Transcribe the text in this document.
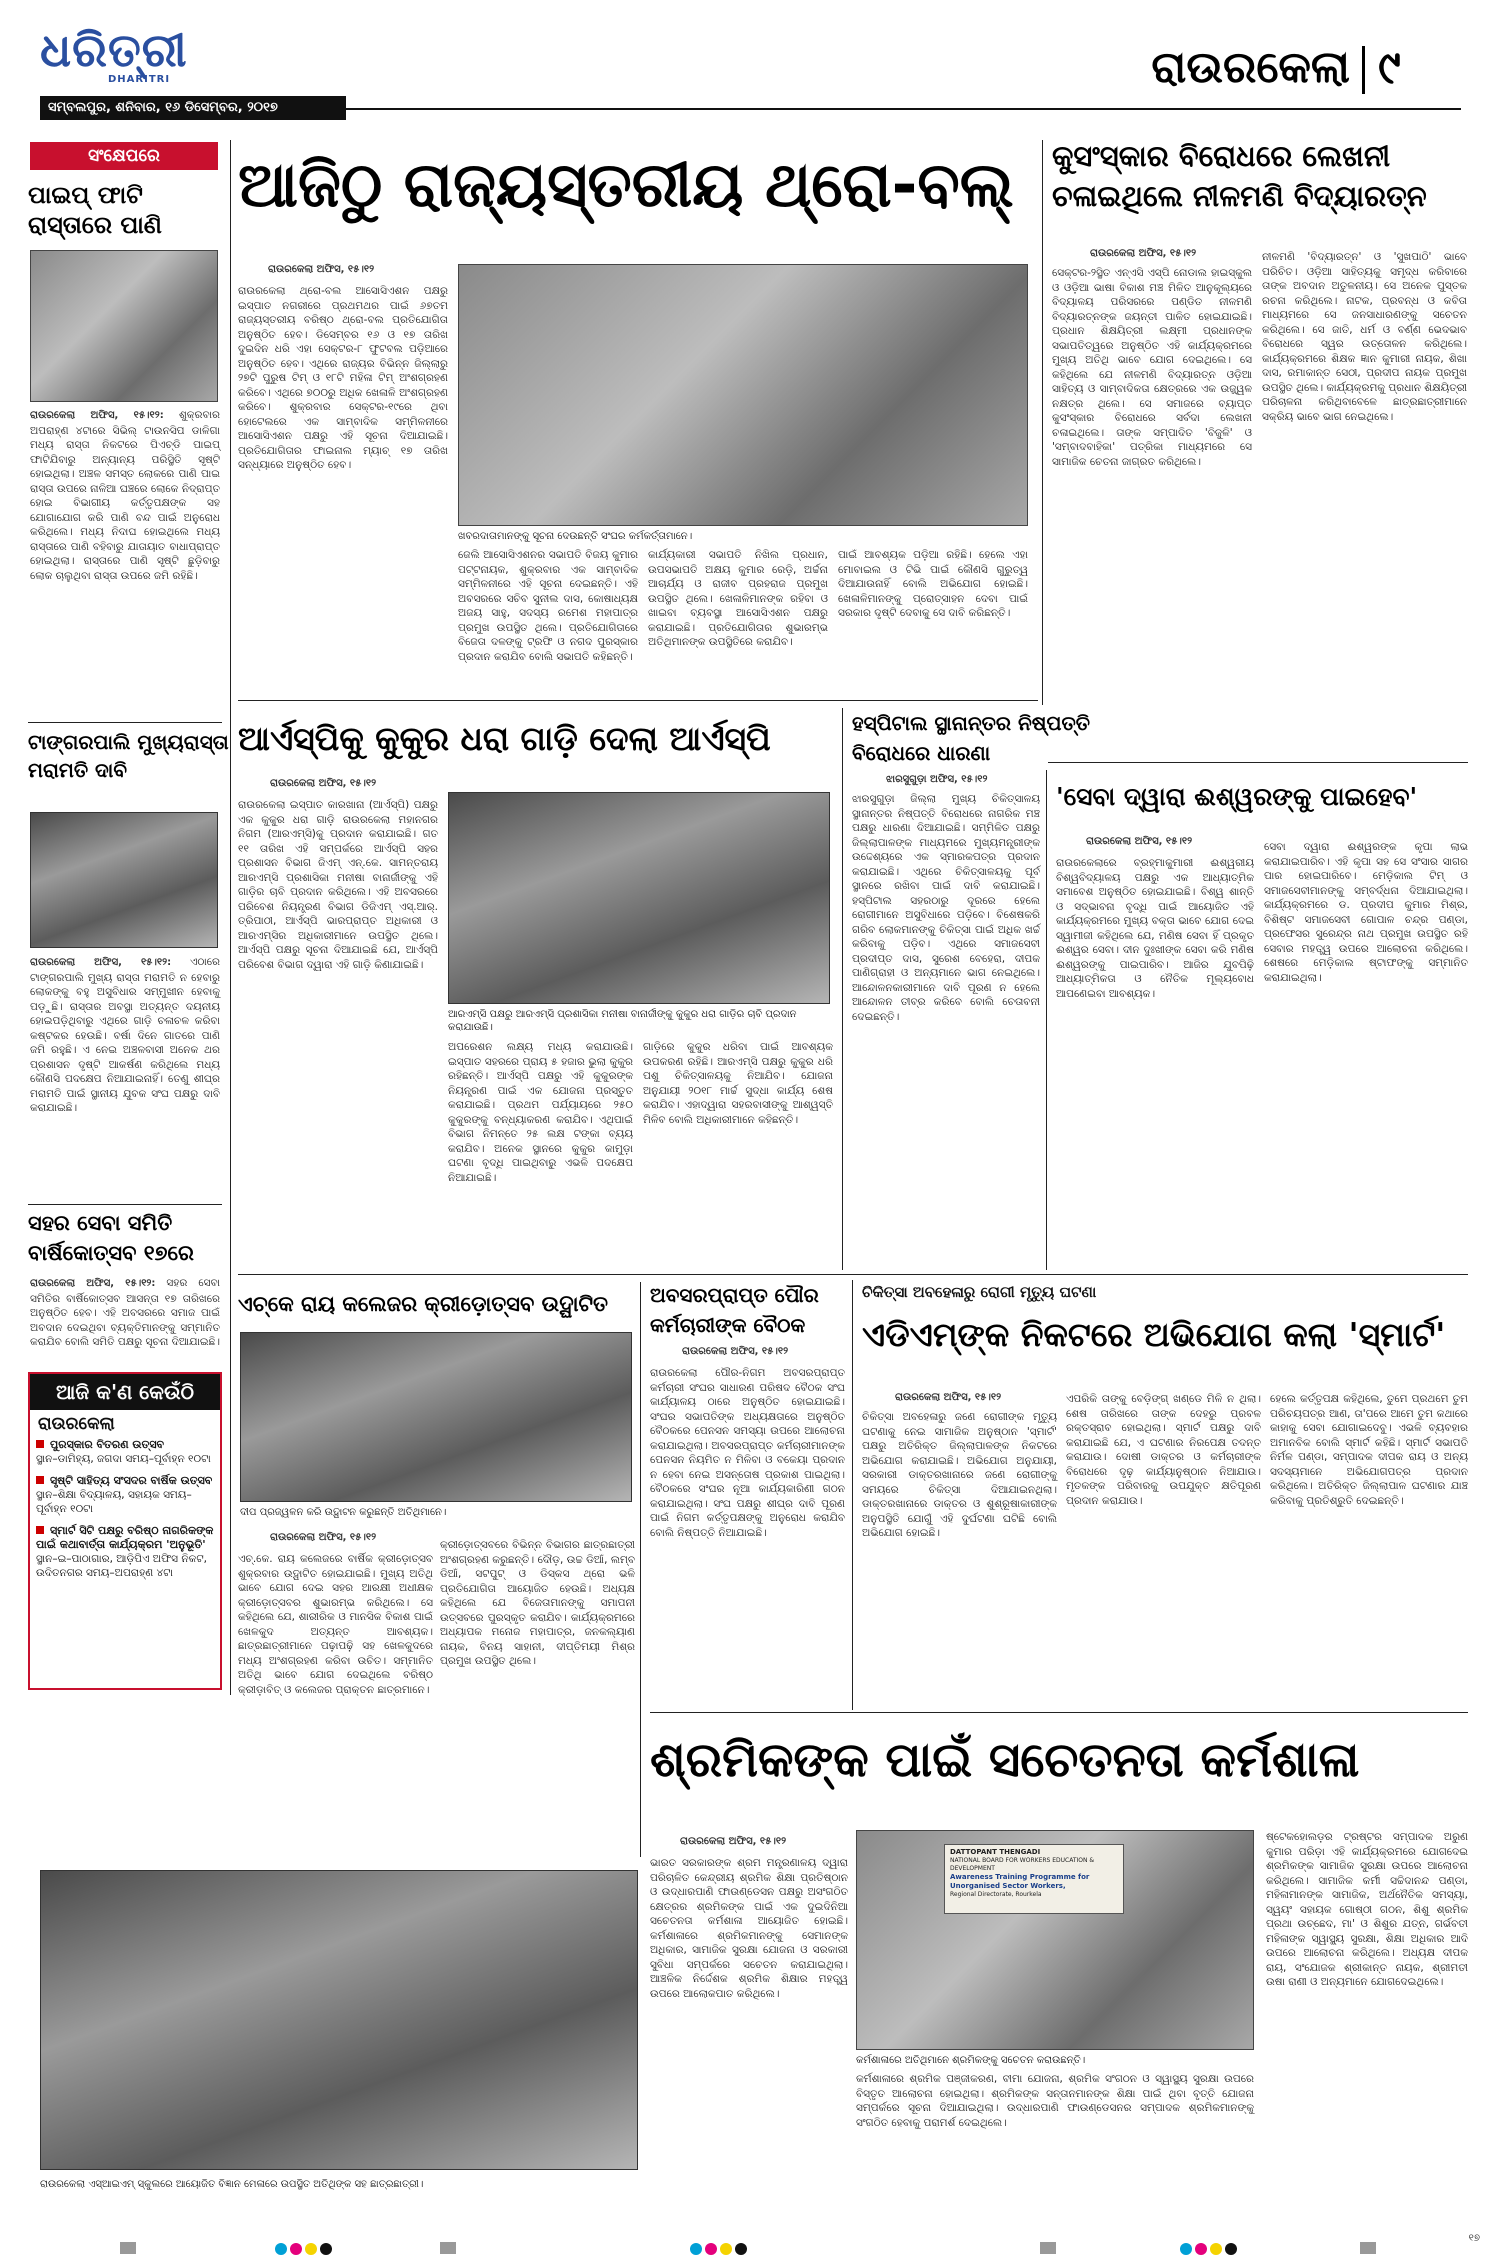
ଧରିତ୍ରୀ
DHARITRI
ସମ୍ବଲପୁର, ଶନିବାର, ୧୬ ଡିସେମ୍ବର, ୨୦୧୭
ରାଉରକେଲା ୯
ସଂକ୍ଷେପରେ
ପାଇପ୍ ଫାଟି
ରାସ୍ତାରେ ପାଣି
ରାଉରକେଲା ଅଫିସ, ୧୫।୧୨: ଶୁକ୍ରବାର ଅପରାହ୍ଣ ୪ଟାରେ ସିଭିଲ୍ ଟାଉନସିପ ଡାଳିଗା ମଧ୍ୟ ରାସ୍ତା ନିକଟରେ ପିଏଚ୍ଡି ପାଇପ୍ ଫାଟିଯିବାରୁ ଅନ୍ୟାନ୍ୟ ପରିସ୍ଥିତି ସୃଷ୍ଟି ହୋଇଥିଲା। ଅଞ୍ଚଳ ସମସ୍ତ ଲୋକରେ ପାଣି ପାଇ ରାସ୍ତା ଉପରେ ନାଳିଆ ଘଞ୍ଚରେ ଲୋକେ ନିଦ୍ରାପ୍ତ ହୋଇ ବିଭାଗୀୟ କର୍ତ୍ତୃପକ୍ଷଙ୍କ ସହ ଯୋଗାଯୋଗ କରି ପାଣି ବନ୍ଦ ପାଇଁ ଅନୁରୋଧ କରିଥିଲେ। ମଧ୍ୟ ନିଦାଘ ହୋଇଥିଲେ ମଧ୍ୟ ରାସ୍ତାରେ ପାଣି ବହିବାରୁ ଯାତାୟାତ ବାଧାପ୍ରାପ୍ତ ହୋଇଥିଲା। ରାସ୍ତାରେ ପାଣି ସୃଷ୍ଟି ଛୁଡ଼ିବାରୁ ଲୋକ ଚାଲୁଥିବା ରାସ୍ତା ଉପରେ ଜମି ରହିଛି।
ଟାଙ୍ଗରପାଲି ମୁଖ୍ୟରାସ୍ତା
ମରାମତି ଦାବି
ରାଉରକେଲା ଅଫିସ, ୧୫।୧୨: ଏଠାରେ ଟାଙ୍ଗରପାଲି ମୁଖ୍ୟ ରାସ୍ତା ମରାମତି ନ ହେବାରୁ ଲୋକଙ୍କୁ ବହୁ ଅସୁବିଧାର ସମ୍ମୁଖୀନ ହେବାକୁ ପଡ଼ୁଛି। ରାସ୍ତାର ଅବସ୍ଥା ଅତ୍ୟନ୍ତ ଦୟନୀୟ ହୋଇପଡ଼ିଥିବାରୁ ଏଥିରେ ଗାଡ଼ି ଚଳାଚଳ କରିବା କଷ୍ଟକର ହେଉଛି। ବର୍ଷା ଦିନେ ଗାତରେ ପାଣି ଜମି ରହୁଛି। ଏ ନେଇ ଅଞ୍ଚଳବାସୀ ଅନେକ ଥର ପ୍ରଶାସନ ଦୃଷ୍ଟି ଆକର୍ଷଣ କରିଥିଲେ ମଧ୍ୟ କୌଣସି ପଦକ୍ଷେପ ନିଆଯାଇନାହିଁ। ତେଣୁ ଶୀଘ୍ର ମରାମତି ପାଇଁ ସ୍ଥାନୀୟ ଯୁବକ ସଂଘ ପକ୍ଷରୁ ଦାବି କରାଯାଇଛି।
ସହର ସେବା ସମିତି
ବାର୍ଷିକୋତ୍ସବ ୧୭ରେ
ରାଉରକେଲା ଅଫିସ, ୧୫।୧୨: ସହର ସେବା ସମିତିର ବାର୍ଷିକୋତ୍ସବ ଆସନ୍ତା ୧୭ ତାରିଖରେ ଅନୁଷ୍ଠିତ ହେବ। ଏହି ଅବସରରେ ସମାଜ ପାଇଁ ଅବଦାନ ଦେଇଥିବା ବ୍ୟକ୍ତିମାନଙ୍କୁ ସମ୍ମାନିତ କରାଯିବ ବୋଲି ସମିତି ପକ୍ଷରୁ ସୂଚନା ଦିଆଯାଇଛି।
ଆଜି କ'ଣ କେଉଁଠି
ରାଉରକେଲା
ପୁରସ୍କାର ବିତରଣ ଉତ୍ସବ
ସ୍ଥାନ–ଡାମିହ୍ୟ, ଜଗଦା ସମୟ–ପୂର୍ବାହ୍ନ ୧୦ଟା
ସୃଷ୍ଟି ସାହିତ୍ୟ ସଂସଦର ବାର୍ଷିକ ଉତ୍ସବ
ସ୍ଥାନ–ଶିକ୍ଷା ବିଦ୍ୟାଳୟ, ସହାୟକ ସମୟ–ପୂର୍ବାହ୍ନ ୧୦ଟା
ସ୍ମାର୍ଟ ସିଟି ପକ୍ଷରୁ ବରିଷ୍ଠ ନାଗରିକଙ୍କ ପାଇଁ କଥାବାର୍ତ୍ତା କାର୍ଯ୍ୟକ୍ରମ 'ଅନୁଭୂତି'
ସ୍ଥାନ–ଇ–ପାଠାଗାର, ଆଡ଼ିପିଏ ଅଫିସ ନିକଟ, ଉଦିତନଗର ସମୟ–ଅପରାହ୍ଣ ୪ଟା
ଆଜିଠୁ ରାଜ୍ୟସ୍ତରୀୟ ଥ୍ରୋ-ବଲ୍
ରାଉରକେଲା ଅଫିସ, ୧୫।୧୨
ରାଉରକେଲା ଥ୍ରୋ-ବଲ ଆସୋସିଏଶନ ପକ୍ଷରୁ ଇସ୍ପାତ ନଗରୀରେ ପ୍ରଥମଥର ପାଇଁ ୬୭ତମ ରାଜ୍ୟସ୍ତରୀୟ ବରିଷ୍ଠ ଥ୍ରୋ-ବଲ ପ୍ରତିଯୋଗିତା ଅନୁଷ୍ଠିତ ହେବ। ଡିସେମ୍ବର ୧୬ ଓ ୧୭ ତାରିଖ ଦୁଇଦିନ ଧରି ଏହା ସେକ୍ଟର-୮ ଫୁଟବଲ ପଡ଼ିଆରେ ଅନୁଷ୍ଠିତ ହେବ। ଏଥିରେ ରାଜ୍ୟର ବିଭିନ୍ନ ଜିଲ୍ଲାରୁ ୨୭ଟି ପୁରୁଷ ଟିମ୍ ଓ ୧୮ଟି ମହିଳା ଟିମ୍ ଅଂଶଗ୍ରହଣ କରିବେ। ଏଥିରେ ୭୦୦ରୁ ଅଧିକ ଖେଳାଳି ଅଂଶଗ୍ରହଣ କରିବେ। ଶୁକ୍ରବାର ସେକ୍ଟର-୧୯ରେ ଥିବା ହୋଟେଲରେ ଏକ ସାମ୍ବାଦିକ ସମ୍ମିଳନୀରେ ଆସୋସିଏଶନ ପକ୍ଷରୁ ଏହି ସୂଚନା ଦିଆଯାଇଛି। ପ୍ରତିଯୋଗିତାର ଫାଇନାଲ ମ୍ୟାଚ୍ ୧୭ ତାରିଖ ସନ୍ଧ୍ୟାରେ ଅନୁଷ୍ଠିତ ହେବ।
ଖବରଦାତାମାନଙ୍କୁ ସୂଚନା ଦେଉଛନ୍ତି ସଂଘର କର୍ମକର୍ତ୍ତାମାନେ।
ଜେଲି ଆସୋସିଏଶନର ସଭାପତି ବିଜୟ କୁମାର ପଟ୍ଟନାୟକ, ଶୁକ୍ରବାର ଏକ ସାମ୍ବାଦିକ ସମ୍ମିଳନୀରେ ଏହି ସୂଚନା ଦେଇଛନ୍ତି। ଏହି ଅବସରରେ ସଚିବ ସୁନୀଲ ଦାସ, କୋଷାଧ୍ୟକ୍ଷ ଅଜୟ ସାହୁ, ସଦସ୍ୟ ରମେଶ ମହାପାତ୍ର ପ୍ରମୁଖ ଉପସ୍ଥିତ ଥିଲେ। ପ୍ରତିଯୋଗିତାରେ ବିଜେତା ଦଳଙ୍କୁ ଟ୍ରଫି ଓ ନଗଦ ପୁରସ୍କାର ପ୍ରଦାନ କରାଯିବ ବୋଲି ସଭାପତି କହିଛନ୍ତି।
କାର୍ଯ୍ୟକାରୀ ସଭାପତି ନିଖିଲ ପ୍ରଧାନ, ଉପସଭାପତି ଅକ୍ଷୟ କୁମାର ରେଡ଼ି, ଅର୍ଚ୍ଚନା ଆଚାର୍ଯ୍ୟ ଓ ରାଜୀବ ପ୍ରହରାଜ ପ୍ରମୁଖ ଉପସ୍ଥିତ ଥିଲେ। ଖେଳାଳିମାନଙ୍କ ରହିବା ଓ ଖାଇବା ବ୍ୟବସ୍ଥା ଆସୋସିଏଶନ ପକ୍ଷରୁ କରାଯାଇଛି। ପ୍ରତିଯୋଗିତାର ଶୁଭାରମ୍ଭ ଅତିଥିମାନଙ୍କ ଉପସ୍ଥିତିରେ କରାଯିବ।
ପାଇଁ ଆବଶ୍ୟକ ପଡ଼ିଆ ରହିଛି। ହେଲେ ଏହା ମୋବାଇଲ ଓ ଟିଭି ପାଇଁ କୌଣସି ଗୁରୁତ୍ୱ ଦିଆଯାଉନାହିଁ ବୋଲି ଅଭିଯୋଗ ହୋଇଛି। ଖେଳାଳିମାନଙ୍କୁ ପ୍ରୋତ୍ସାହନ ଦେବା ପାଇଁ ସରକାର ଦୃଷ୍ଟି ଦେବାକୁ ସେ ଦାବି କରିଛନ୍ତି।
କୁସଂସ୍କାର ବିରୋଧରେ ଲେଖନୀ
ଚଳାଇଥିଲେ ନୀଳମଣି ବିଦ୍ୟାରତ୍ନ
ରାଉରକେଲା ଅଫିସ, ୧୫।୧୨
ସେକ୍ଟର-୨ସ୍ଥିତ ଏନ୍ଏସି ଏସ୍ପି ନୋଡାଲ ହାଇସ୍କୁଲ ଓ ଓଡ଼ିଆ ଭାଷା ବିକାଶ ମଞ୍ଚ ମିଳିତ ଆନୁକୂଲ୍ୟରେ ବିଦ୍ୟାଳୟ ପରିସରରେ ପଣ୍ଡିତ ନୀଳମଣି ବିଦ୍ୟାରତ୍ନଙ୍କ ଜୟନ୍ତୀ ପାଳିତ ହୋଇଯାଇଛି। ପ୍ରଧାନ ଶିକ୍ଷୟିତ୍ରୀ ଲକ୍ଷ୍ମୀ ପ୍ରଧାନଙ୍କ ସଭାପତିତ୍ୱରେ ଅନୁଷ୍ଠିତ ଏହି କାର୍ଯ୍ୟକ୍ରମରେ ମୁଖ୍ୟ ଅତିଥି ଭାବେ ଯୋଗ ଦେଇଥିଲେ। ସେ କହିଥିଲେ ଯେ ନୀଳମଣି ବିଦ୍ୟାରତ୍ନ ଓଡ଼ିଆ ସାହିତ୍ୟ ଓ ସାମ୍ବାଦିକତା କ୍ଷେତ୍ରରେ ଏକ ଉଜ୍ଜ୍ୱଳ ନକ୍ଷତ୍ର ଥିଲେ। ସେ ସମାଜରେ ବ୍ୟାପ୍ତ କୁସଂସ୍କାର ବିରୋଧରେ ସର୍ବଦା ଲେଖନୀ ଚଳାଇଥିଲେ। ତାଙ୍କ ସମ୍ପାଦିତ 'ବିଜୁଳି' ଓ 'ସମ୍ବାଦବାହିକା' ପତ୍ରିକା ମାଧ୍ୟମରେ ସେ ସାମାଜିକ ଚେତନା ଜାଗ୍ରତ କରିଥିଲେ।
ନୀଳମଣି 'ବିଦ୍ୟାରତ୍ନ' ଓ 'ସୁଖପାଠି' ଭାବେ ପରିଚିତ। ଓଡ଼ିଆ ସାହିତ୍ୟକୁ ସମୃଦ୍ଧ କରିବାରେ ତାଙ୍କ ଅବଦାନ ଅତୁଳନୀୟ। ସେ ଅନେକ ପୁସ୍ତକ ରଚନା କରିଥିଲେ। ନାଟକ, ପ୍ରବନ୍ଧ ଓ କବିତା ମାଧ୍ୟମରେ ସେ ଜନସାଧାରଣଙ୍କୁ ସଚେତନ କରିଥିଲେ। ସେ ଜାତି, ଧର୍ମ ଓ ବର୍ଣ୍ଣ ଭେଦଭାବ ବିରୋଧରେ ସ୍ୱର ଉତ୍ତୋଳନ କରିଥିଲେ। କାର୍ଯ୍ୟକ୍ରମରେ ଶିକ୍ଷକ ଜ୍ଞାନ କୁମାରୀ ନାୟକ, ଶିଖା ଦାସ, ରମାକାନ୍ତ ସେଠୀ, ପ୍ରଦୀପ ନାୟକ ପ୍ରମୁଖ ଉପସ୍ଥିତ ଥିଲେ। କାର୍ଯ୍ୟକ୍ରମକୁ ପ୍ରଧାନ ଶିକ୍ଷୟିତ୍ରୀ ପରିଚାଳନା କରିଥିବାବେଳେ ଛାତ୍ରଛାତ୍ରୀମାନେ ସକ୍ରିୟ ଭାବେ ଭାଗ ନେଇଥିଲେ।
ଆର୍ଏସ୍ପିକୁ କୁକୁର ଧରା ଗାଡ଼ି ଦେଲା ଆର୍ଏସ୍ପି
ରାଉରକେଲା ଅଫିସ, ୧୫।୧୨
ରାଉରକେଲା ଇସ୍ପାତ କାରଖାନା (ଆର୍ଏସ୍ପି) ପକ୍ଷରୁ ଏକ କୁକୁର ଧରା ଗାଡ଼ି ରାଉରକେଲା ମହାନଗର ନିଗମ (ଆରଏମ୍ସି)କୁ ପ୍ରଦାନ କରାଯାଇଛି। ଗତ ୧୧ ତାରିଖ ଏହି ସମ୍ପର୍କରେ ଆର୍ଏସ୍ପି ସହର ପ୍ରଶାସନ ବିଭାଗ ଜିଏମ୍ ଏନ୍.କେ. ସାମନ୍ତରାୟ ଆରଏମ୍ସି ପ୍ରଶାସିକା ମନୀଷା ବାନାର୍ଜୀଙ୍କୁ ଏହି ଗାଡ଼ିର ଚାବି ପ୍ରଦାନ କରିଥିଲେ। ଏହି ଅବସରରେ ପରିବେଶ ନିୟନ୍ତ୍ରଣ ବିଭାଗ ଡିଜିଏମ୍ ଏସ୍.ଆର୍. ତ୍ରିପାଠୀ, ଆର୍ଏସ୍ପି ଭାରପ୍ରାପ୍ତ ଅଧିକାରୀ ଓ ଆରଏମ୍ସିର ଅଧିକାରୀମାନେ ଉପସ୍ଥିତ ଥିଲେ। ଆର୍ଏସ୍ପି ପକ୍ଷରୁ ସୂଚନା ଦିଆଯାଇଛି ଯେ, ଆର୍ଏସ୍ପି ପରିବେଶ ବିଭାଗ ଦ୍ୱାରା ଏହି ଗାଡ଼ି କିଣାଯାଇଛି।
ଆରଏମ୍ସି ପକ୍ଷରୁ ଆରଏମ୍ସି ପ୍ରଶାସିକା ମନୀଷା ବାନାର୍ଜୀଙ୍କୁ କୁକୁର ଧରା ଗାଡ଼ିର ଚାବି ପ୍ରଦାନ କରାଯାଉଛି।
ଅପରେଶନ ଲକ୍ଷ୍ୟ ମଧ୍ୟ କରାଯାଉଛି। ଇସ୍ପାତ ସହରରେ ପ୍ରାୟ ୫ ହଜାର ଭୁଲା କୁକୁର ରହିଛନ୍ତି। ଆର୍ଏସ୍ପି ପକ୍ଷରୁ ଏହି କୁକୁରଙ୍କ ନିୟନ୍ତ୍ରଣ ପାଇଁ ଏକ ଯୋଜନା ପ୍ରସ୍ତୁତ କରାଯାଇଛି। ପ୍ରଥମ ପର୍ଯ୍ୟାୟରେ ୨୫୦ କୁକୁରଙ୍କୁ ବନ୍ଧ୍ୟାକରଣ କରାଯିବ। ଏଥିପାଇଁ ବିଭାଗ ନିମନ୍ତେ ୨୫ ଲକ୍ଷ ଟଙ୍କା ବ୍ୟୟ କରାଯିବ। ଅନେକ ସ୍ଥାନରେ କୁକୁର କାମୁଡ଼ା ଘଟଣା ବୃଦ୍ଧି ପାଇଥିବାରୁ ଏଭଳି ପଦକ୍ଷେପ ନିଆଯାଇଛି।
ଗାଡ଼ିରେ କୁକୁର ଧରିବା ପାଇଁ ଆବଶ୍ୟକ ଉପକରଣ ରହିଛି। ଆରଏମ୍ସି ପକ୍ଷରୁ କୁକୁର ଧରି ପଶୁ ଚିକିତ୍ସାଳୟକୁ ନିଆଯିବ। ଯୋଜନା ଅନୁଯାୟୀ ୨୦୧୮ ମାର୍ଚ୍ଚ ସୁଦ୍ଧା କାର୍ଯ୍ୟ ଶେଷ କରାଯିବ। ଏହାଦ୍ୱାରା ସହରବାସୀଙ୍କୁ ଆଶ୍ୱସ୍ତି ମିଳିବ ବୋଲି ଅଧିକାରୀମାନେ କହିଛନ୍ତି।
ହସ୍ପିଟାଲ ସ୍ଥାନାନ୍ତର ନିଷ୍ପତ୍ତି
ବିରୋଧରେ ଧାରଣା
ଝାରସୁଗୁଡ଼ା ଅଫିସ, ୧୫।୧୨
ଝାରସୁଗୁଡ଼ା ଜିଲ୍ଲା ମୁଖ୍ୟ ଚିକିତ୍ସାଳୟ ସ୍ଥାନାନ୍ତର ନିଷ୍ପତ୍ତି ବିରୋଧରେ ନାଗରିକ ମଞ୍ଚ ପକ୍ଷରୁ ଧାରଣା ଦିଆଯାଇଛି। ସମ୍ମିଳିତ ପକ୍ଷରୁ ଜିଲ୍ଲାପାଳଙ୍କ ମାଧ୍ୟମରେ ମୁଖ୍ୟମନ୍ତ୍ରୀଙ୍କ ଉଦ୍ଦେଶ୍ୟରେ ଏକ ସ୍ମାରକପତ୍ର ପ୍ରଦାନ କରାଯାଇଛି। ଏଥିରେ ଚିକିତ୍ସାଳୟକୁ ପୂର୍ବ ସ୍ଥାନରେ ରଖିବା ପାଇଁ ଦାବି କରାଯାଇଛି। ହସ୍ପିଟାଲ ସହରଠାରୁ ଦୂରରେ ହେଲେ ରୋଗୀମାନେ ଅସୁବିଧାରେ ପଡ଼ିବେ। ବିଶେଷକରି ଗରିବ ଲୋକମାନଙ୍କୁ ଚିକିତ୍ସା ପାଇଁ ଅଧିକ ଖର୍ଚ୍ଚ କରିବାକୁ ପଡ଼ିବ। ଏଥିରେ ସମାଜସେବୀ ପ୍ରଦୀପ୍ତ ଦାସ, ସୁରେଶ ବେହେରା, ଦୀପକ ପାଣିଗ୍ରାହୀ ଓ ଅନ୍ୟମାନେ ଭାଗ ନେଇଥିଲେ। ଆନ୍ଦୋଳନକାରୀମାନେ ଦାବି ପୂରଣ ନ ହେଲେ ଆନ୍ଦୋଳନ ତୀବ୍ର କରିବେ ବୋଲି ଚେତାବନୀ ଦେଇଛନ୍ତି।
'ସେବା ଦ୍ୱାରା ଈଶ୍ୱରଙ୍କୁ ପାଇହେବ'
ରାଉରକେଲା ଅଫିସ, ୧୫।୧୨
ରାଉରକେଲାରେ ବ୍ରହ୍ମାକୁମାରୀ ଈଶ୍ୱରୀୟ ବିଶ୍ୱବିଦ୍ୟାଳୟ ପକ୍ଷରୁ ଏକ ଆଧ୍ୟାତ୍ମିକ ସମାବେଶ ଅନୁଷ୍ଠିତ ହୋଇଯାଇଛି। ବିଶ୍ୱ ଶାନ୍ତି ଓ ସଦ୍ଭାବନା ବୃଦ୍ଧି ପାଇଁ ଆୟୋଜିତ ଏହି କାର୍ଯ୍ୟକ୍ରମରେ ମୁଖ୍ୟ ବକ୍ତା ଭାବେ ଯୋଗ ଦେଇ ସ୍ୱାମୀଜୀ କହିଥିଲେ ଯେ, ମଣିଷ ସେବା ହିଁ ପ୍ରକୃତ ଈଶ୍ୱର ସେବା। ଦୀନ ଦୁଃଖୀଙ୍କ ସେବା କରି ମଣିଷ ଈଶ୍ୱରଙ୍କୁ ପାଇପାରିବ। ଆଜିର ଯୁବପିଢ଼ି ଆଧ୍ୟାତ୍ମିକତା ଓ ନୈତିକ ମୂଲ୍ୟବୋଧ ଆପଣେଇବା ଆବଶ୍ୟକ।
ସେବା ଦ୍ୱାରା ଈଶ୍ୱରଙ୍କ କୃପା ଲାଭ କରାଯାଇପାରିବ। ଏହି କୃପା ସହ ସେ ସଂସାର ସାଗର ପାର ହୋଇପାରିବେ। ମେଡ଼ିକାଲ ଟିମ୍ ଓ ସମାଜସେବୀମାନଙ୍କୁ ସମ୍ବର୍ଦ୍ଧନା ଦିଆଯାଇଥିଲା। କାର୍ଯ୍ୟକ୍ରମରେ ଡ. ପ୍ରଦୀପ କୁମାର ମିଶ୍ର, ବିଶିଷ୍ଟ ସମାଜସେବୀ ଗୋପାଳ ଚନ୍ଦ୍ର ପଣ୍ଡା, ପ୍ରଫେସର ସୁରେନ୍ଦ୍ର ନାଥ ପ୍ରମୁଖ ଉପସ୍ଥିତ ରହି ସେବାର ମହତ୍ତ୍ୱ ଉପରେ ଆଲୋଚନା କରିଥିଲେ। ଶେଷରେ ମେଡ଼ିକାଲ ଷ୍ଟାଫଙ୍କୁ ସମ୍ମାନିତ କରାଯାଇଥିଲା।
ଏଚ୍କେ ରାୟ କଲେଜର କ୍ରୀଡ଼ୋତ୍ସବ ଉଦ୍ଘାଟିତ
ଦୀପ ପ୍ରଜ୍ୱଳନ କରି ଉଦ୍ଘାଟନ କରୁଛନ୍ତି ଅତିଥିମାନେ।
ରାଉରକେଲା ଅଫିସ, ୧୫।୧୨
ଏଚ୍.କେ. ରାୟ କଲେଜରେ ବାର୍ଷିକ କ୍ରୀଡ଼ୋତ୍ସବ ଶୁକ୍ରବାର ଉଦ୍ଘାଟିତ ହୋଇଯାଇଛି। ମୁଖ୍ୟ ଅତିଥି ଭାବେ ଯୋଗ ଦେଇ ସହର ଆରକ୍ଷୀ ଅଧୀକ୍ଷକ କ୍ରୀଡ଼ୋତ୍ସବର ଶୁଭାରମ୍ଭ କରିଥିଲେ। ସେ କହିଥିଲେ ଯେ, ଶାରୀରିକ ଓ ମାନସିକ ବିକାଶ ପାଇଁ ଖେଳକୁଦ ଅତ୍ୟନ୍ତ ଆବଶ୍ୟକ। ଛାତ୍ରଛାତ୍ରୀମାନେ ପଢ଼ାପଢ଼ି ସହ ଖେଳକୁଦରେ ମଧ୍ୟ ଅଂଶଗ୍ରହଣ କରିବା ଉଚିତ। ସମ୍ମାନିତ ଅତିଥି ଭାବେ ଯୋଗ ଦେଇଥିଲେ ବରିଷ୍ଠ କ୍ରୀଡ଼ାବିତ୍ ଓ କଲେଜର ପ୍ରାକ୍ତନ ଛାତ୍ରମାନେ।
କ୍ରୀଡ଼ୋତ୍ସବରେ ବିଭିନ୍ନ ବିଭାଗର ଛାତ୍ରଛାତ୍ରୀ ଅଂଶଗ୍ରହଣ କରୁଛନ୍ତି। ଦୌଡ଼, ଉଚ୍ଚ ଡିଆଁ, ଲମ୍ବ ଡିଆଁ, ସଟପୁଟ୍ ଓ ଡିସ୍କସ ଥ୍ରୋ ଭଳି ପ୍ରତିଯୋଗିତା ଆୟୋଜିତ ହେଉଛି। ଅଧ୍ୟକ୍ଷ କହିଥିଲେ ଯେ ବିଜେତାମାନଙ୍କୁ ସମାପନୀ ଉତ୍ସବରେ ପୁରସ୍କୃତ କରାଯିବ। କାର୍ଯ୍ୟକ୍ରମରେ ଅଧ୍ୟାପକ ମନୋଜ ମହାପାତ୍ର, ଜନକଲ୍ୟାଣ ନାୟକ, ବିନୟ ସାହାନୀ, ଦୀପ୍ତିମୟୀ ମିଶ୍ର ପ୍ରମୁଖ ଉପସ୍ଥିତ ଥିଲେ।
ଅବସରପ୍ରାପ୍ତ ପୌର
କର୍ମଚାରୀଙ୍କ ବୈଠକ
ରାଉରକେଲା ଅଫିସ, ୧୫।୧୨
ରାଉରକେଲା ପୌର-ନିଗମ ଅବସରପ୍ରାପ୍ତ କର୍ମଚାରୀ ସଂଘର ସାଧାରଣ ପରିଷଦ ବୈଠକ ସଂଘ କାର୍ଯ୍ୟାଳୟ ଠାରେ ଅନୁଷ୍ଠିତ ହୋଇଯାଇଛି। ସଂଘର ସଭାପତିଙ୍କ ଅଧ୍ୟକ୍ଷତାରେ ଅନୁଷ୍ଠିତ ବୈଠକରେ ପେନସନ ସମସ୍ୟା ଉପରେ ଆଲୋଚନା କରାଯାଇଥିଲା। ଅବସରପ୍ରାପ୍ତ କର୍ମଚାରୀମାନଙ୍କ ପେନସନ ନିୟମିତ ନ ମିଳିବା ଓ ବକେୟା ପ୍ରଦାନ ନ ହେବା ନେଇ ଅସନ୍ତୋଷ ପ୍ରକାଶ ପାଇଥିଲା। ବୈଠକରେ ସଂଘର ନୂଆ କାର୍ଯ୍ୟକାରିଣୀ ଗଠନ କରାଯାଇଥିଲା। ସଂଘ ପକ୍ଷରୁ ଶୀଘ୍ର ଦାବି ପୂରଣ ପାଇଁ ନିଗମ କର୍ତ୍ତୃପକ୍ଷଙ୍କୁ ଅନୁରୋଧ କରାଯିବ ବୋଲି ନିଷ୍ପତ୍ତି ନିଆଯାଇଛି।
ଚିକିତ୍ସା ଅବହେଳାରୁ ରୋଗୀ ମୃତ୍ୟୁ ଘଟଣା
ଏଡିଏମ୍ଙ୍କ ନିକଟରେ ଅଭିଯୋଗ କଲା 'ସ୍ମାର୍ଟ'
ରାଉରକେଲା ଅଫିସ, ୧୫।୧୨
ଚିକିତ୍ସା ଅବହେଳାରୁ ଜଣେ ରୋଗୀଙ୍କ ମୃତ୍ୟୁ ଘଟଣାକୁ ନେଇ ସାମାଜିକ ଅନୁଷ୍ଠାନ 'ସ୍ମାର୍ଟ' ପକ୍ଷରୁ ଅତିରିକ୍ତ ଜିଲ୍ଲାପାଳଙ୍କ ନିକଟରେ ଅଭିଯୋଗ କରାଯାଇଛି। ଅଭିଯୋଗ ଅନୁଯାୟୀ, ସରକାରୀ ଡାକ୍ତରଖାନାରେ ଜଣେ ରୋଗୀଙ୍କୁ ସମୟରେ ଚିକିତ୍ସା ଦିଆଯାଇନଥିଲା। ଡାକ୍ତରଖାନାରେ ଡାକ୍ତର ଓ ଶୁଶ୍ରୂଷାକାରୀଙ୍କ ଅନୁପସ୍ଥିତି ଯୋଗୁଁ ଏହି ଦୁର୍ଘଟଣା ଘଟିଛି ବୋଲି ଅଭିଯୋଗ ହୋଇଛି।
ଏପରିକି ତାଙ୍କୁ ବେଡ଼ିଙ୍ଗ୍ ଖଣ୍ଡେ ମିଳି ନ ଥିଲା। ଶେଷ ତାରିଖରେ ତାଙ୍କ ଦେହରୁ ପ୍ରବଳ ରକ୍ତସ୍ରାବ ହୋଇଥିଲା। ସ୍ମାର୍ଟ ପକ୍ଷରୁ ଦାବି କରାଯାଇଛି ଯେ, ଏ ଘଟଣାର ନିରପେକ୍ଷ ତଦନ୍ତ କରାଯାଉ। ଦୋଷୀ ଡାକ୍ତର ଓ କର୍ମଚାରୀଙ୍କ ବିରୋଧରେ ଦୃଢ଼ କାର୍ଯ୍ୟାନୁଷ୍ଠାନ ନିଆଯାଉ। ମୃତକଙ୍କ ପରିବାରକୁ ଉପଯୁକ୍ତ କ୍ଷତିପୂରଣ ପ୍ରଦାନ କରାଯାଉ।
ହେଲେ କର୍ତ୍ତୃପକ୍ଷ କହିଥିଲେ, ତୁମେ ପ୍ରଥମେ ତୁମ ପରିଚୟପତ୍ର ଆଣ, ତା'ପରେ ଆମେ ତୁମ କଥାରେ କାହାକୁ ସେବା ଯୋଗାଇଦେବୁ। ଏଭଳି ବ୍ୟବହାର ଅମାନବିକ ବୋଲି ସ୍ମାର୍ଟ କହିଛି। ସ୍ମାର୍ଟ ସଭାପତି ନିର୍ମଳ ପଣ୍ଡା, ସମ୍ପାଦକ ଦୀପକ ରାୟ ଓ ଅନ୍ୟ ସଦସ୍ୟମାନେ ଅଭିଯୋଗପତ୍ର ପ୍ରଦାନ କରିଥିଲେ। ଅତିରିକ୍ତ ଜିଲ୍ଲାପାଳ ଘଟଣାର ଯାଞ୍ଚ କରିବାକୁ ପ୍ରତିଶ୍ରୁତି ଦେଇଛନ୍ତି।
ଶ୍ରମିକଙ୍କ ପାଇଁ ସଚେତନତା କର୍ମଶାଳା
ରାଉରକେଲା ଅଫିସ, ୧୫।୧୨
ଭାରତ ସରକାରଙ୍କ ଶ୍ରମ ମନ୍ତ୍ରଣାଳୟ ଦ୍ୱାରା ପରିଚାଳିତ କେନ୍ଦ୍ରୀୟ ଶ୍ରମିକ ଶିକ୍ଷା ପ୍ରତିଷ୍ଠାନ ଓ ଉଦ୍ଧାରପାଣି ଫାଉଣ୍ଡେସନ ପକ୍ଷରୁ ଅସଂଗଠିତ କ୍ଷେତ୍ରର ଶ୍ରମିକଙ୍କ ପାଇଁ ଏକ ଦୁଇଦିନିଆ ସଚେତନତା କର୍ମଶାଳା ଆୟୋଜିତ ହୋଇଛି। କର୍ମଶାଳାରେ ଶ୍ରମିକମାନଙ୍କୁ ସେମାନଙ୍କ ଅଧିକାର, ସାମାଜିକ ସୁରକ୍ଷା ଯୋଜନା ଓ ସରକାରୀ ସୁବିଧା ସମ୍ପର୍କରେ ସଚେତନ କରାଯାଇଥିଲା। ଆଞ୍ଚଳିକ ନିର୍ଦ୍ଦେଶକ ଶ୍ରମିକ ଶିକ୍ଷାର ମହତ୍ତ୍ୱ ଉପରେ ଆଲୋକପାତ କରିଥିଲେ।
DATTOPANT THENGADI
NATIONAL BOARD FOR WORKERS EDUCATION & DEVELOPMENT
Awareness Training Programme for
Unorganised Sector Workers,
Regional Directorate, Rourkela
କର୍ମଶାଳାରେ ଅତିଥିମାନେ ଶ୍ରମିକଙ୍କୁ ସଚେତନ କରାଉଛନ୍ତି।
କର୍ମଶାଳାରେ ଶ୍ରମିକ ପଞ୍ଜୀକରଣ, ବୀମା ଯୋଜନା, ଶ୍ରମିକ ସଂଗଠନ ଓ ସ୍ୱାସ୍ଥ୍ୟ ସୁରକ୍ଷା ଉପରେ ବିସ୍ତୃତ ଆଲୋଚନା ହୋଇଥିଲା। ଶ୍ରମିକଙ୍କ ସନ୍ତାନମାନଙ୍କ ଶିକ୍ଷା ପାଇଁ ଥିବା ବୃତ୍ତି ଯୋଜନା ସମ୍ପର୍କରେ ସୂଚନା ଦିଆଯାଇଥିଲା। ଉଦ୍ଧାରପାଣି ଫାଉଣ୍ଡେସନର ସମ୍ପାଦକ ଶ୍ରମିକମାନଙ୍କୁ ସଂଗଠିତ ହେବାକୁ ପରାମର୍ଶ ଦେଇଥିଲେ।
ଷ୍ଟେକହୋଲଡ଼ର ଟ୍ରଷ୍ଟର ସମ୍ପାଦକ ଅରୁଣ କୁମାର ପରିଡ଼ା ଏହି କାର୍ଯ୍ୟକ୍ରମରେ ଯୋଗଦେଇ ଶ୍ରମିକଙ୍କ ସାମାଜିକ ସୁରକ୍ଷା ଉପରେ ଆଲୋଚନା କରିଥିଲେ। ସାମାଜିକ କର୍ମୀ ସଚ୍ଚିଦାନନ୍ଦ ପଣ୍ଡା, ମହିଳାମାନଙ୍କ ସାମାଜିକ, ଅର୍ଥନୈତିକ ସମସ୍ୟା, ସ୍ୱୟଂ ସହାୟକ ଗୋଷ୍ଠୀ ଗଠନ, ଶିଶୁ ଶ୍ରମିକ ପ୍ରଥା ଉଚ୍ଛେଦ, ମା' ଓ ଶିଶୁର ଯତ୍ନ, ଗର୍ଭବତୀ ମହିଳାଙ୍କ ସ୍ୱାସ୍ଥ୍ୟ ସୁରକ୍ଷା, ଶିକ୍ଷା ଅଧିକାର ଆଦି ଉପରେ ଆଲୋଚନା କରିଥିଲେ। ଅଧ୍ୟକ୍ଷ ଦୀପକ ରାୟ, ସଂଯୋଜକ ଶ୍ରୀକାନ୍ତ ନାୟକ, ଶ୍ରୀମତୀ ଉଷା ରାଣୀ ଓ ଅନ୍ୟମାନେ ଯୋଗଦେଇଥିଲେ।
ରାଉରକେଲା ଏସ୍ଆଇଏମ୍ ସ୍କୁଲରେ ଆୟୋଜିତ ବିଜ୍ଞାନ ମେଳାରେ ଉପସ୍ଥିତ ଅତିଥିଙ୍କ ସହ ଛାତ୍ରଛାତ୍ରୀ।
୧୭
